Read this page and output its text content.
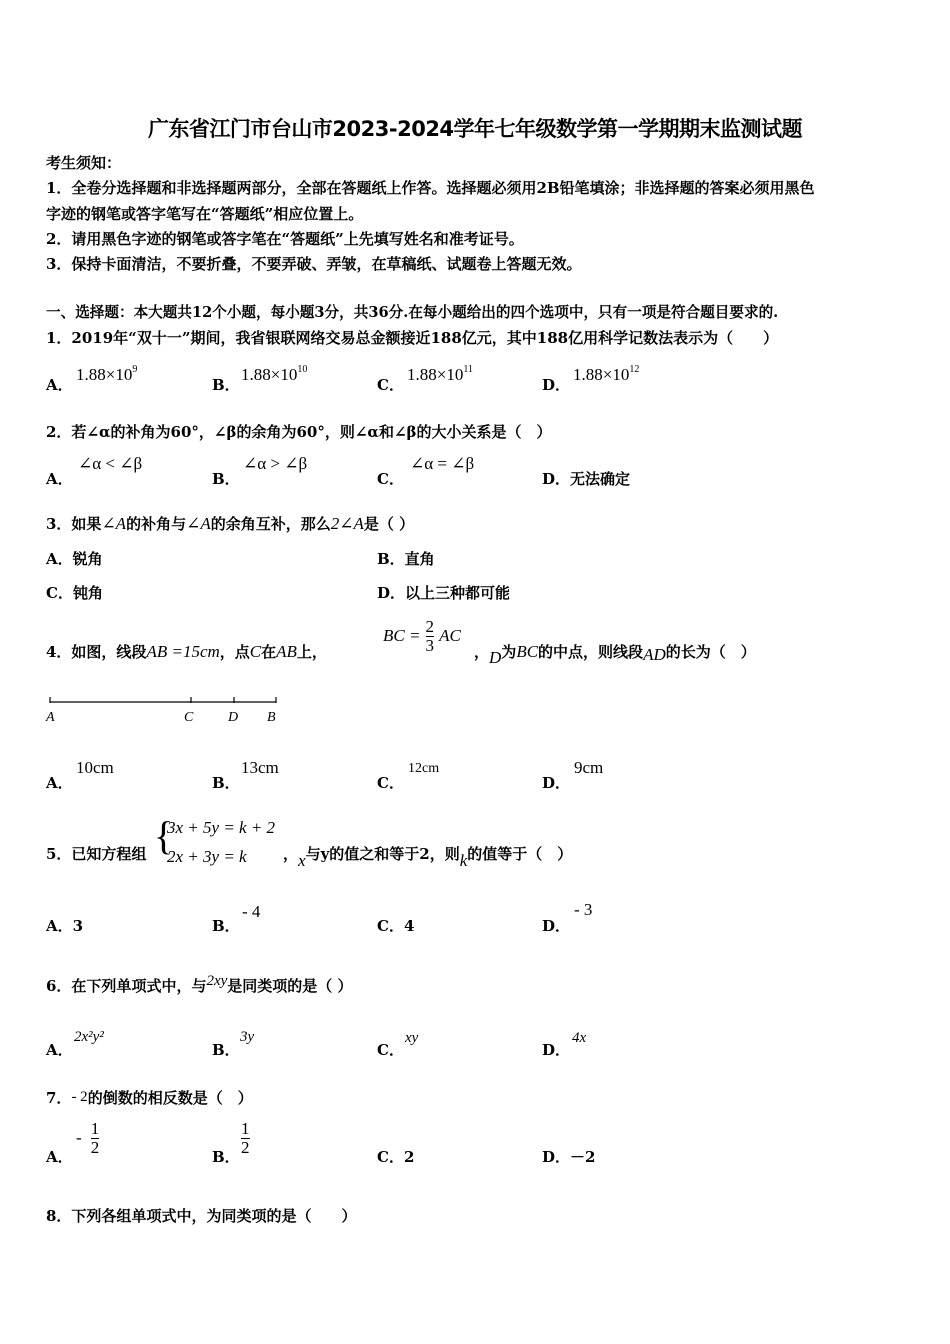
广东省江门市台山市2023-2024学年七年级数学第一学期期末监测试题
考生须知：
1．全卷分选择题和非选择题两部分，全部在答题纸上作答。选择题必须用2B铅笔填涂；非选择题的答案必须用黑色
字迹的钢笔或答字笔写在“答题纸”相应位置上。
2．请用黑色字迹的钢笔或答字笔在“答题纸”上先填写姓名和准考证号。
3．保持卡面清洁，不要折叠，不要弄破、弄皱，在草稿纸、试题卷上答题无效。
一、选择题：本大题共12个小题，每小题3分，共36分.在每小题给出的四个选项中，只有一项是符合题目要求的.
1．2019年“双十一”期间，我省银联网络交易总金额接近188亿元，其中188亿用科学记数法表示为（　　）
A．
$1.88\times 10^9$
B．
$1.88\times 10^{10}$
C．
$1.88\times 10^{11}$
D．
$1.88\times 10^{12}$
2．若∠α的补角为60°，∠β的余角为60°，则∠α和∠β的大小关系是（　）
A．
∠α < ∠β
B．
∠α > ∠β
C．
∠α = ∠β
D．无法确定
3．如果∠A的补角与∠A的余角互补，那么2∠A是（ ）
A．锐角	B．直角
C．钝角	D．以上三种都可能
4．如图，线段AB =15cm，点C在AB上，
BC = $\frac{2}{3}$ AC
，D为BC的中点，则线段AD的长为（　）
A	C D B
A．
10cm
B．
13cm
C．
12cm
D．
9cm
5．已知方程组 {
3x + 5y = k + 2
2x + 3y = k ，x与y的值之和等于2，则k的值等于（　）
A．3	B．
- 4
C．4	D．
- 3
6．在下列单项式中，与2xy是同类项的是（ ）
A．
2x²y²
B．
3y
C．
xy
D．
4x
7．- 2的倒数的相反数是（　）
A．
- $\frac{1}{2}$	B． $\frac{1}{2}$	C．2	D．－2
8．下列各组单项式中，为同类项的是（　　）
